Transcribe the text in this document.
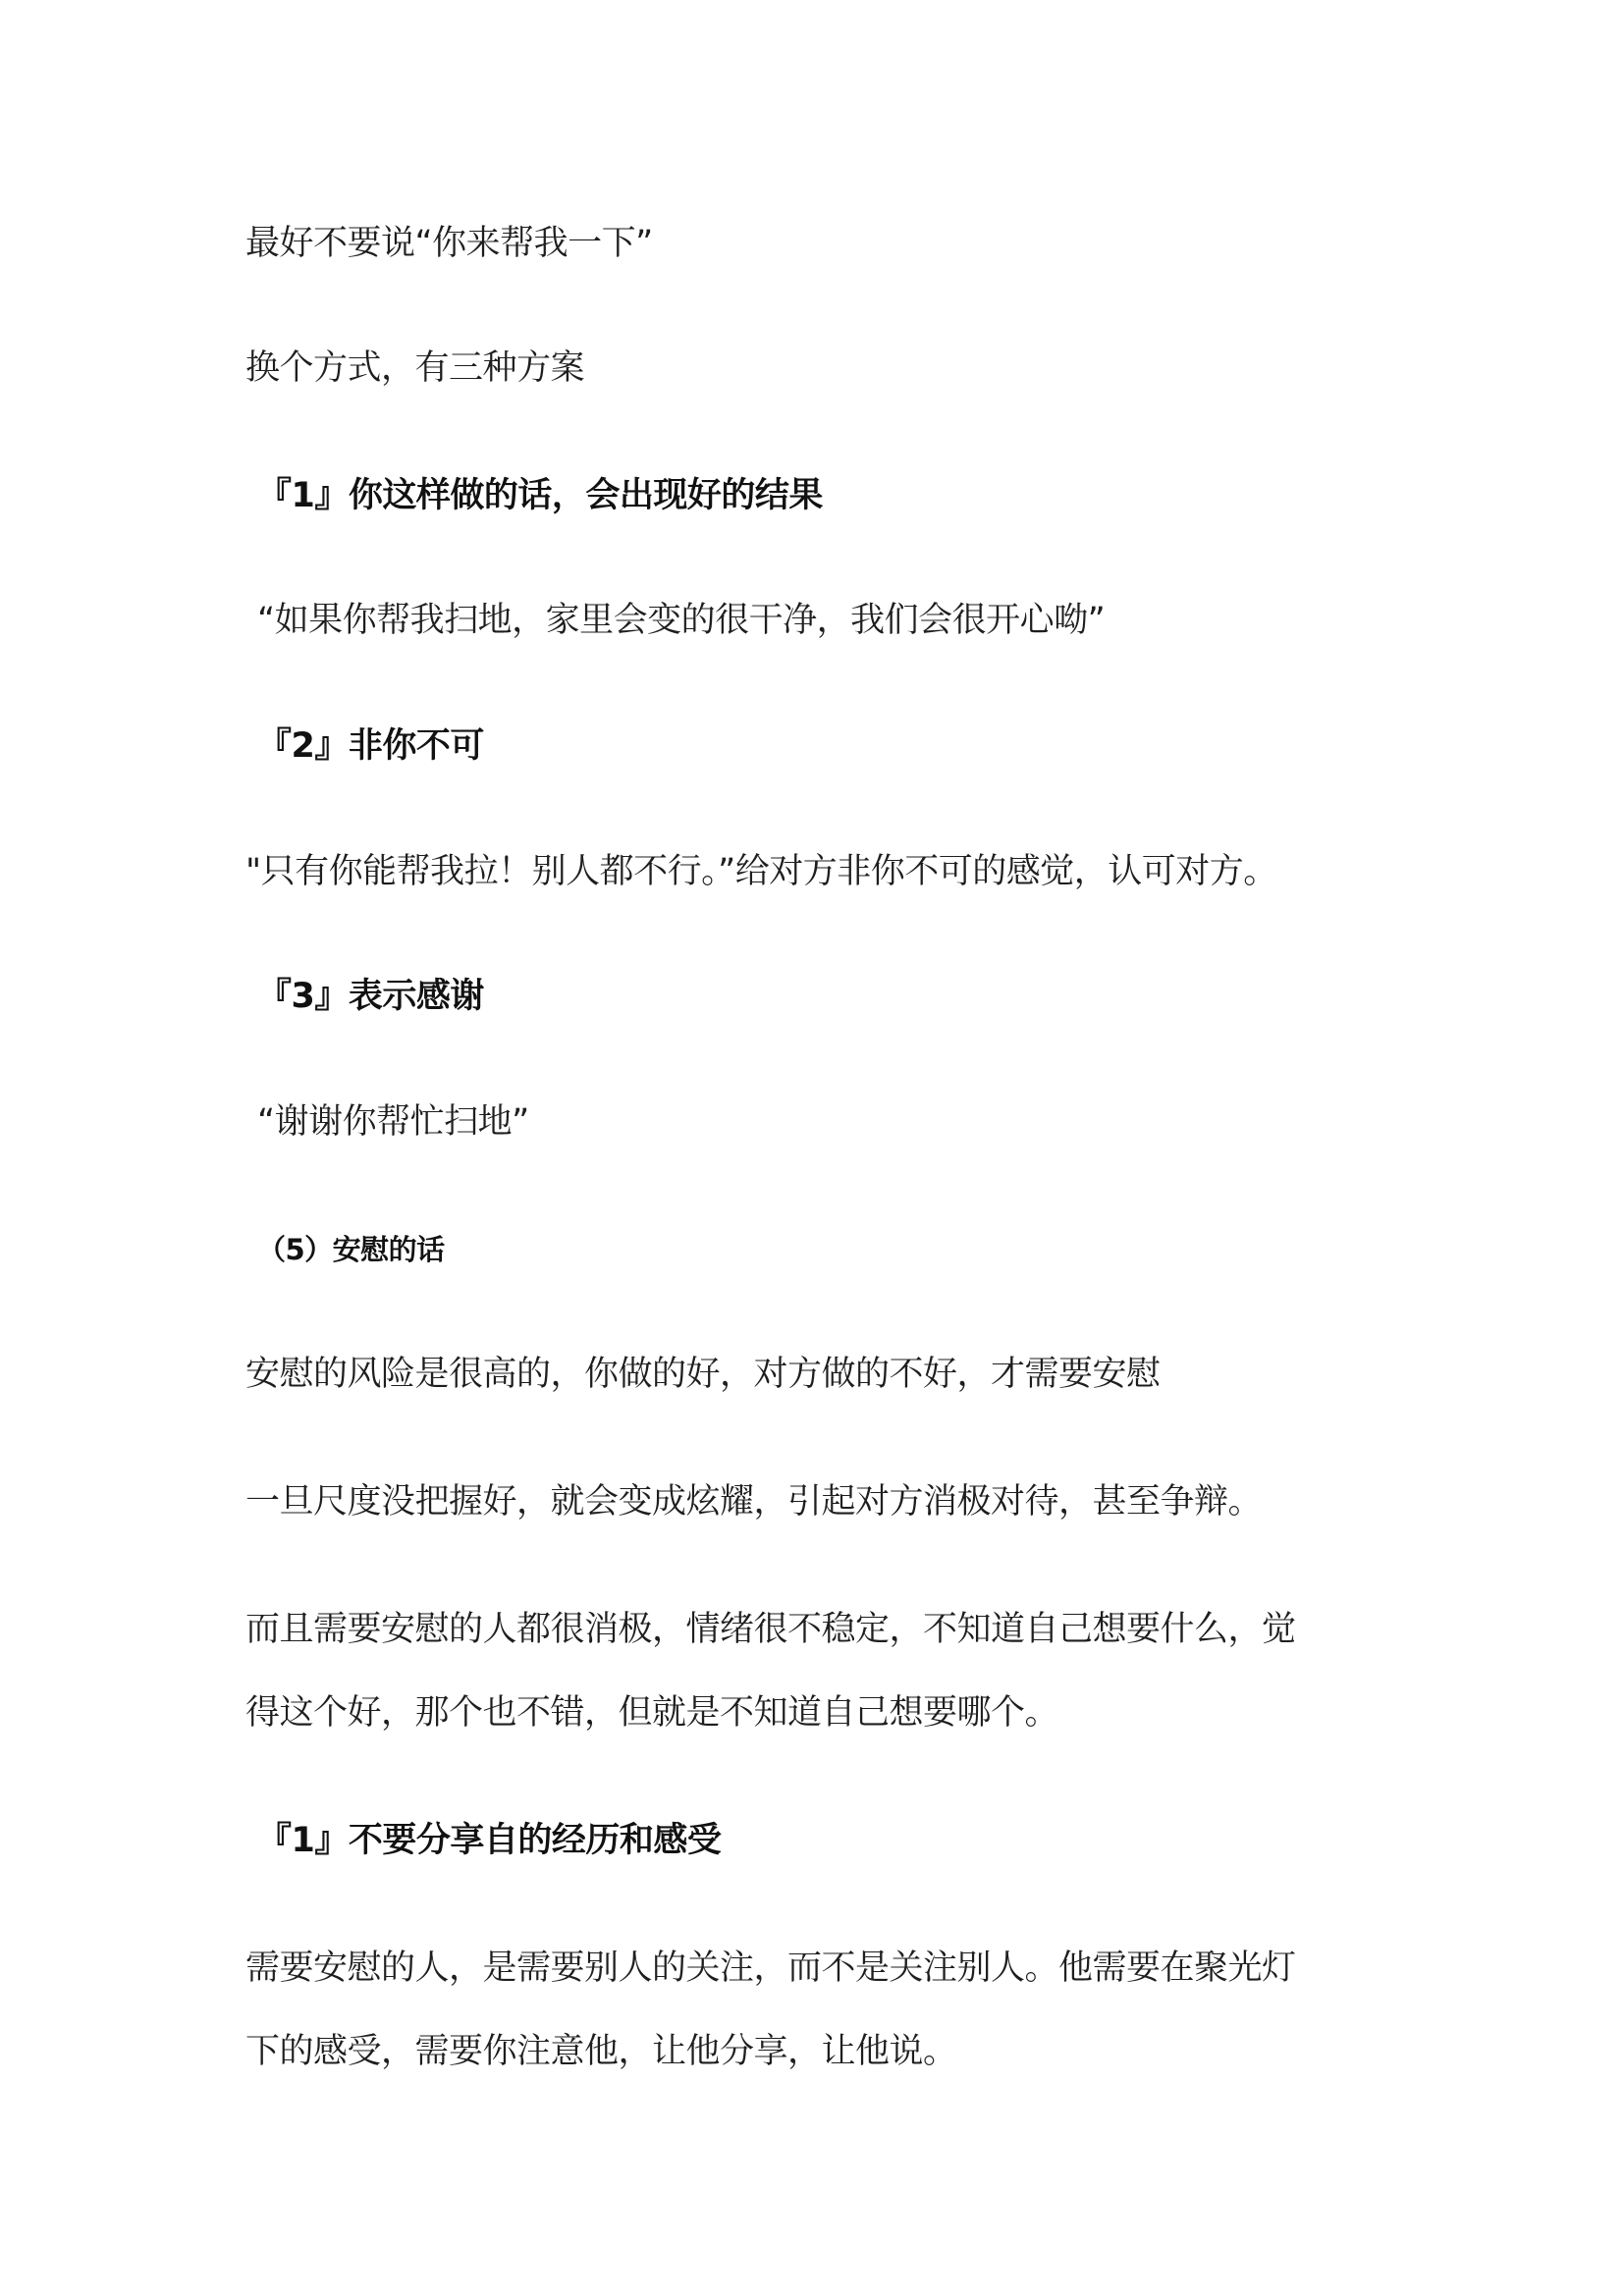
最好不要说“你来帮我一下”
换个方式，有三种方案
『1』你这样做的话，会出现好的结果
“如果你帮我扫地，家里会变的很干净，我们会很开心呦”
『2』非你不可
"只有你能帮我拉！别人都不行。”给对方非你不可的感觉，认可对方。
『3』表示感谢
“谢谢你帮忙扫地”
（5）安慰的话
安慰的风险是很高的，你做的好，对方做的不好，才需要安慰
一旦尺度没把握好，就会变成炫耀，引起对方消极对待，甚至争辩。
而且需要安慰的人都很消极，情绪很不稳定，不知道自己想要什么，觉
得这个好，那个也不错，但就是不知道自己想要哪个。
『1』不要分享自的经历和感受
需要安慰的人，是需要别人的关注，而不是关注别人。他需要在聚光灯
下的感受，需要你注意他，让他分享，让他说。
